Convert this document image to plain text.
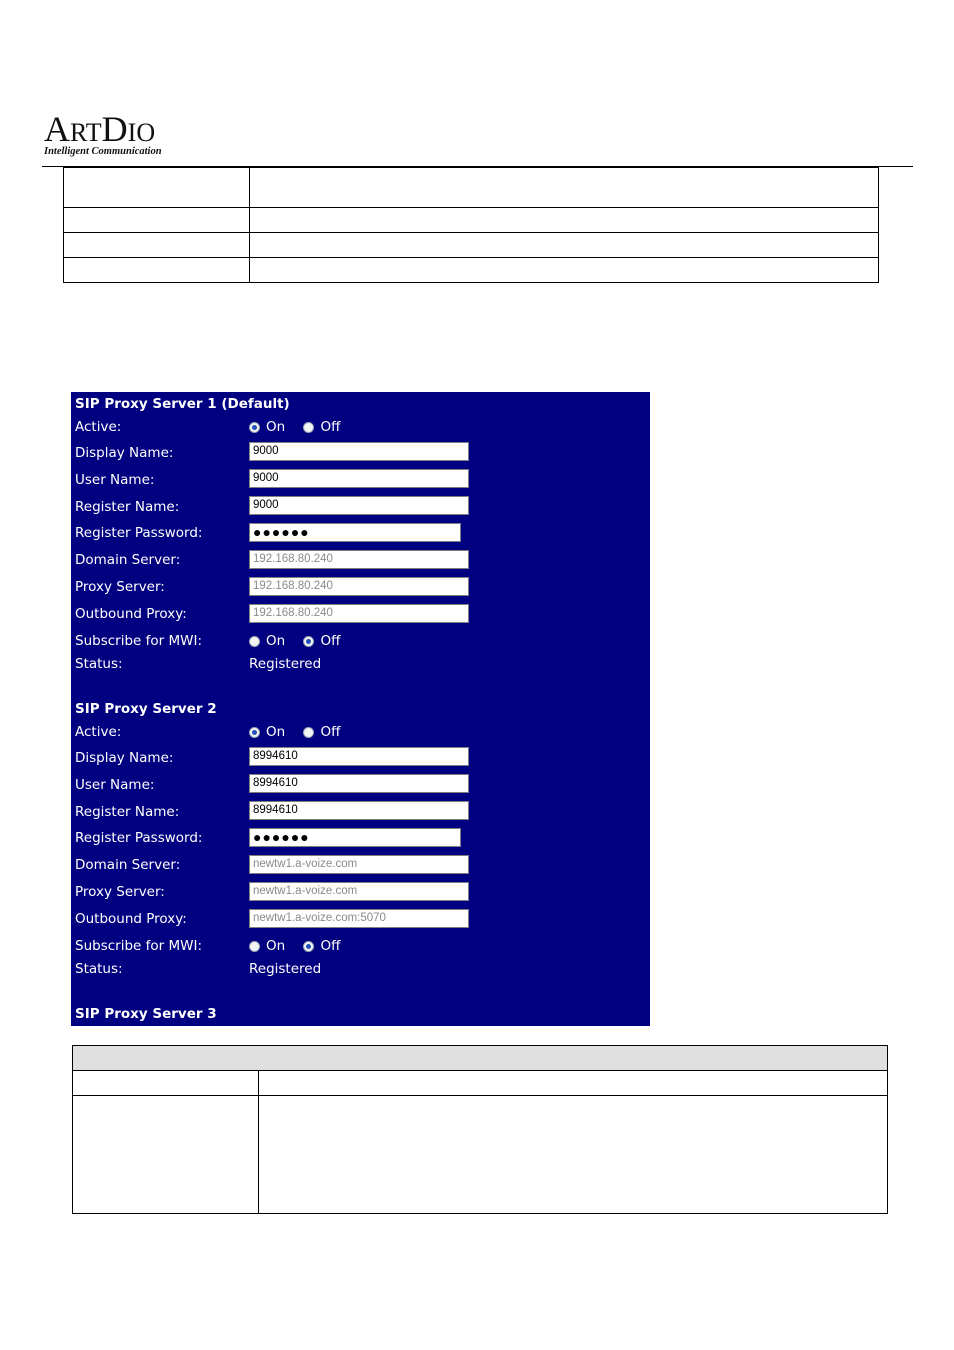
ARTDIO
Intelligent Communication

SIP Proxy Server 1 (Default)
Active:	On	Off
Display Name:	9000
User Name:	9000
Register Name:	9000
Register Password:	●●●●●●
Domain Server:	192.168.80.240
Proxy Server:	192.168.80.240
Outbound Proxy:	192.168.80.240
Subscribe for MWI:	On	Off
Status:	Registered
SIP Proxy Server 2
Active:	On	Off
Display Name:	8994610
User Name:	8994610
Register Name:	8994610
Register Password:	●●●●●●
Domain Server:	newtw1.a-voize.com
Proxy Server:	newtw1.a-voize.com
Outbound Proxy:	newtw1.a-voize.com:5070
Subscribe for MWI:	On	Off
Status:	Registered
SIP Proxy Server 3
